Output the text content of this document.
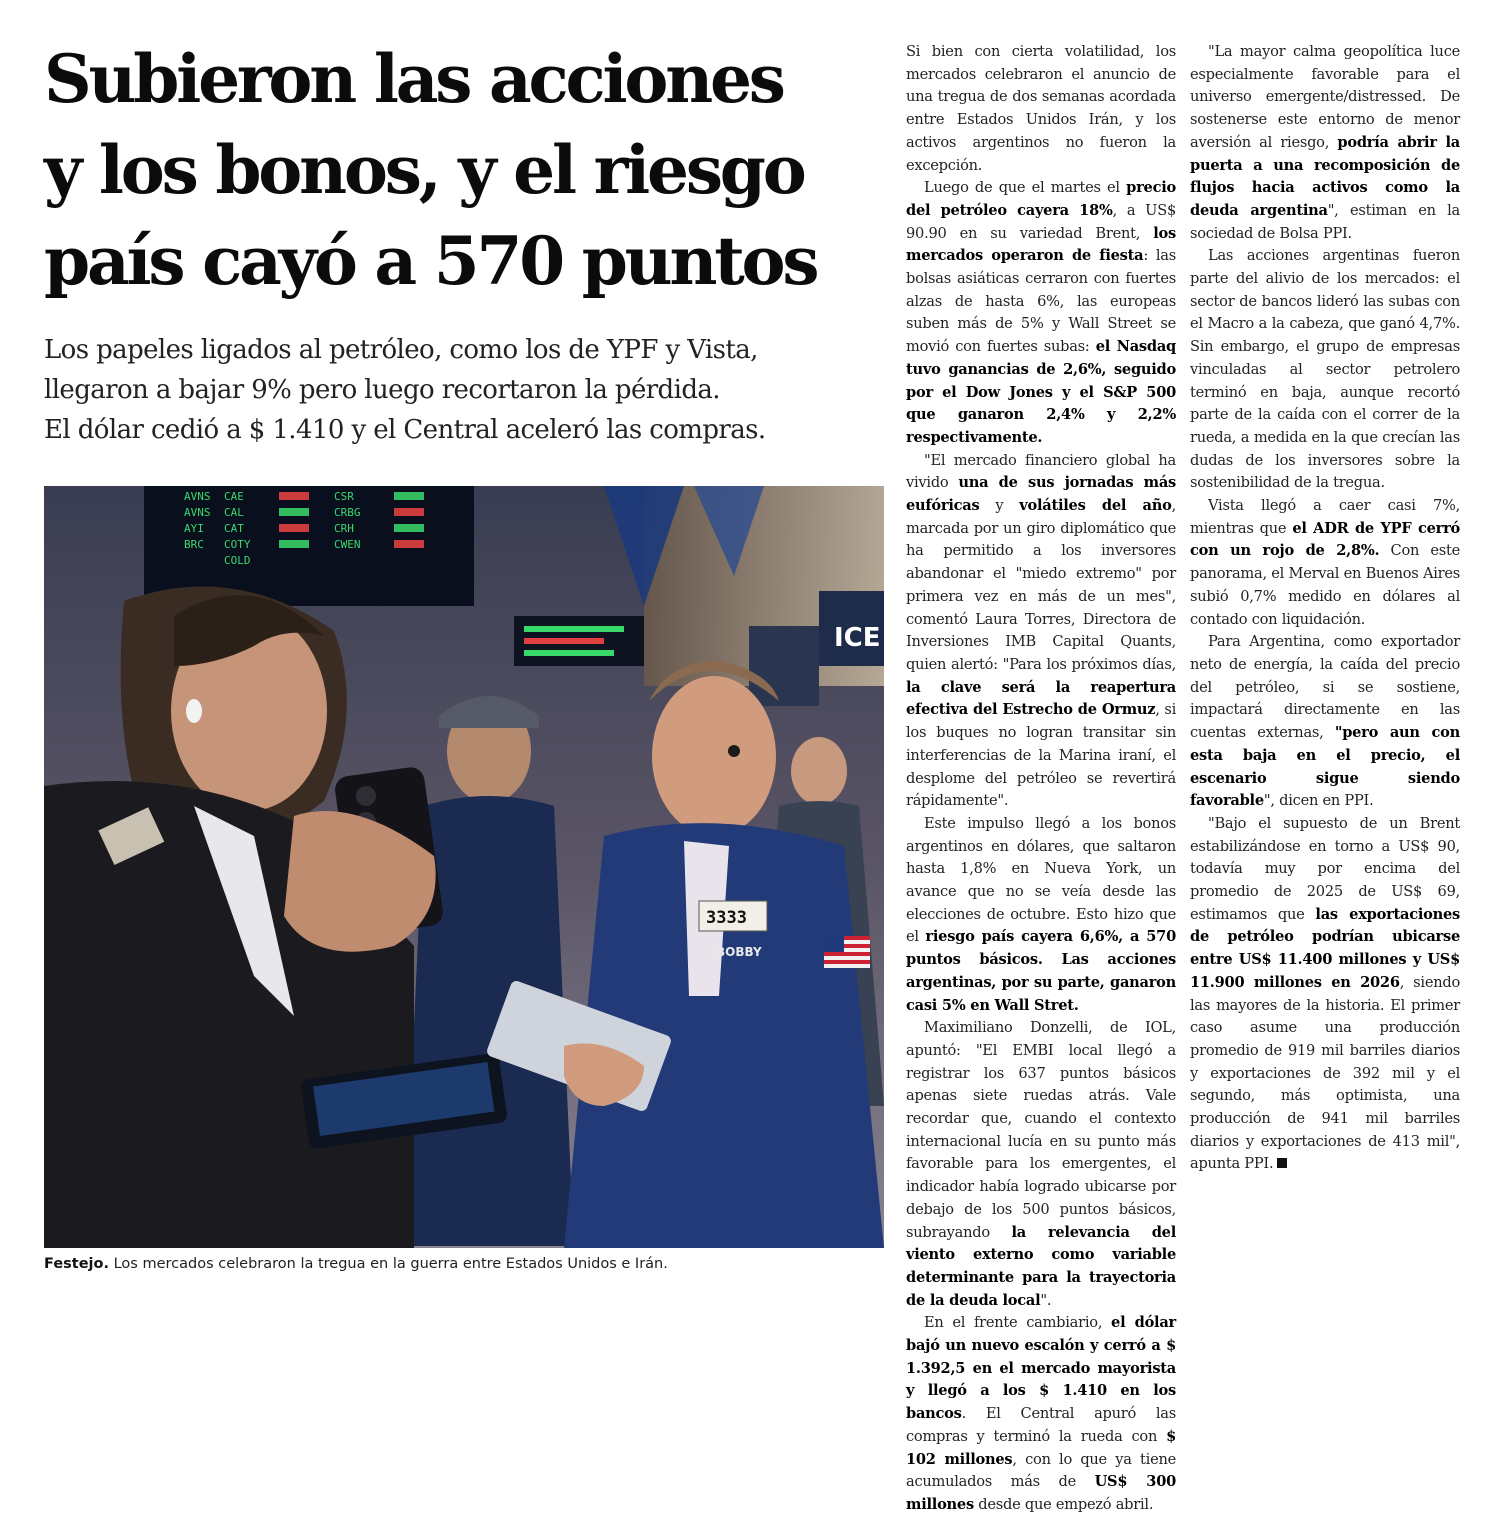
Subieron las acciones
y los bonos, y el riesgo
país cayó a 570 puntos

Los papeles ligados al petróleo, como los de YPF y Vista,
llegaron a bajar 9% pero luego recortaron la pérdida.
El dólar cedió a $ 1.410 y el Central aceleró las compras.

AVNS
AVNS
AYI
BRC
CAE
CAL
CAT
COTY
COLD
CSR
CRBG
CRH
CWEN
ICE
3333
BOBBY

Festejo. Los mercados celebraron la tregua en la guerra entre Estados Unidos e Irán.

Si bien con cierta volatilidad, los mercados celebraron el anuncio de una tregua de dos semanas acordada entre Estados Unidos Irán, y los activos argentinos no fueron la excepción.

Luego de que el martes el precio del petróleo cayera 18%, a US$ 90.90 en su variedad Brent, los mercados operaron de fiesta: las bolsas asiáticas cerraron con fuertes alzas de hasta 6%, las europeas suben más de 5% y Wall Street se movió con fuertes subas: el Nasdaq tuvo ganancias de 2,6%, seguido por el Dow Jones y el S&P 500 que ganaron 2,4% y 2,2% respectivamente.

"El mercado financiero global ha vivido una de sus jornadas más eufóricas y volátiles del año, marcada por un giro diplomático que ha permitido a los inversores abandonar el "miedo extremo" por primera vez en más de un mes", comentó Laura Torres, Directora de Inversiones IMB Capital Quants, quien alertó: "Para los próximos días, la clave será la reapertura efectiva del Estrecho de Ormuz, si los buques no logran transitar sin interferencias de la Marina iraní, el desplome del petróleo se revertirá rápidamente".

Este impulso llegó a los bonos argentinos en dólares, que saltaron hasta 1,8% en Nueva York, un avance que no se veía desde las elecciones de octubre. Esto hizo que el riesgo país cayera 6,6%, a 570 puntos básicos. Las acciones argentinas, por su parte, ganaron casi 5% en Wall Stret.

Maximiliano Donzelli, de IOL, apuntó: "El EMBI local llegó a registrar los 637 puntos básicos apenas siete ruedas atrás. Vale recordar que, cuando el contexto internacional lucía en su punto más favorable para los emergentes, el indicador había logrado ubicarse por debajo de los 500 puntos básicos, subrayando la relevancia del viento externo como variable determinante para la trayectoria de la deuda local".

En el frente cambiario, el dólar bajó un nuevo escalón y cerró a $ 1.392,5 en el mercado mayorista y llegó a los $ 1.410 en los bancos. El Central apuró las compras y terminó la rueda con $ 102 millones, con lo que ya tiene acumulados más de US$ 300 millones desde que empezó abril.

"La mayor calma geopolítica luce especialmente favorable para el universo emergente/distressed. De sostenerse este entorno de menor aversión al riesgo, podría abrir la puerta a una recomposición de flujos hacia activos como la deuda argentina", estiman en la sociedad de Bolsa PPI.

Las acciones argentinas fueron parte del alivio de los mercados: el sector de bancos lideró las subas con el Macro a la cabeza, que ganó 4,7%. Sin embargo, el grupo de empresas vinculadas al sector petrolero terminó en baja, aunque recortó parte de la caída con el correr de la rueda, a medida en la que crecían las dudas de los inversores sobre la sostenibilidad de la tregua.

Vista llegó a caer casi 7%, mientras que el ADR de YPF cerró con un rojo de 2,8%. Con este panorama, el Merval en Buenos Aires subió 0,7% medido en dólares al contado con liquidación.

Para Argentina, como exportador neto de energía, la caída del precio del petróleo, si se sostiene, impactará directamente en las cuentas externas, "pero aun con esta baja en el precio, el escenario sigue siendo favorable", dicen en PPI.

"Bajo el supuesto de un Brent estabilizándose en torno a US$ 90, todavía muy por encima del promedio de 2025 de US$ 69, estimamos que las exportaciones de petróleo podrían ubicarse entre US$ 11.400 millones y US$ 11.900 millones en 2026, siendo las mayores de la historia. El primer caso asume una producción promedio de 919 mil barriles diarios y exportaciones de 392 mil y el segundo, más optimista, una producción de 941 mil barriles diarios y exportaciones de 413 mil", apunta PPI.
